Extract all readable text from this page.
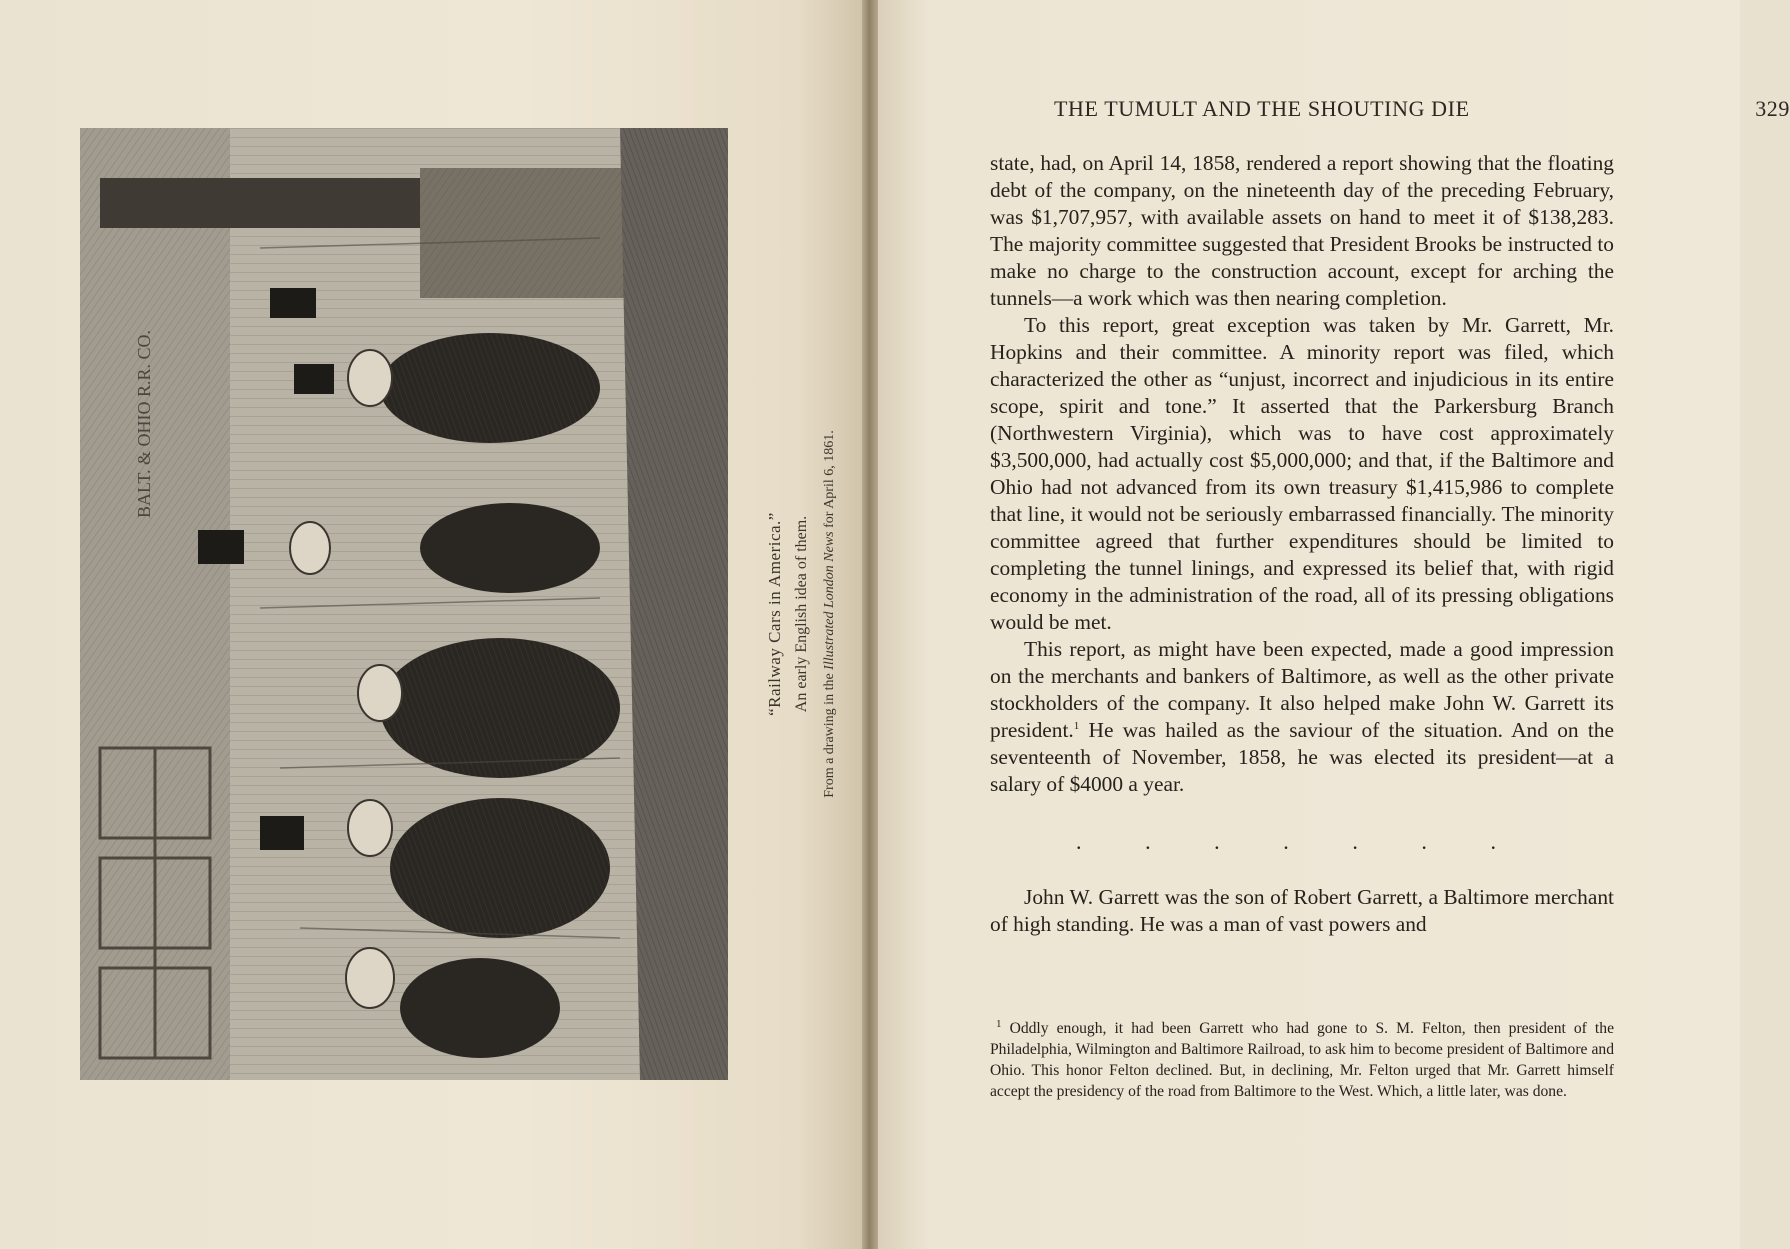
BALT. & OHIO R.R. CO.
“Railway Cars in America.” An early English idea of them.
From a drawing in the Illustrated London News for April 6, 1861.
THE TUMULT AND THE SHOUTING DIE	329

state, had, on April 14, 1858, rendered a report showing that the floating debt of the company, on the nineteenth day of the preceding February, was $1,707,957, with available assets on hand to meet it of $138,283. The majority committee suggested that President Brooks be instructed to make no charge to the construction account, except for arching the tunnels—a work which was then nearing completion.

To this report, great exception was taken by Mr. Garrett, Mr. Hopkins and their committee. A minority report was filed, which characterized the other as “unjust, incorrect and injudicious in its entire scope, spirit and tone.” It asserted that the Parkersburg Branch (Northwestern Virginia), which was to have cost approximately $3,500,000, had actually cost $5,000,000; and that, if the Baltimore and Ohio had not advanced from its own treasury $1,415,986 to complete that line, it would not be seriously embarrassed financially. The minority committee agreed that further expenditures should be limited to completing the tunnel linings, and expressed its belief that, with rigid economy in the administration of the road, all of its pressing obligations would be met.

This report, as might have been expected, made a good impression on the merchants and bankers of Baltimore, as well as the other private stockholders of the company. It also helped make John W. Garrett its president.$^1$ He was hailed as the saviour of the situation. And on the seventeenth of November, 1858, he was elected its president—at a salary of $4000 a year.

.	.	.	.	.	.	.

John W. Garrett was the son of Robert Garrett, a Baltimore merchant of high standing. He was a man of vast powers and

$^1$ Oddly enough, it had been Garrett who had gone to S. M. Felton, then president of the Philadelphia, Wilmington and Baltimore Railroad, to ask him to become president of Baltimore and Ohio. This honor Felton declined. But, in declining, Mr. Felton urged that Mr. Garrett himself accept the presidency of the road from Baltimore to the West. Which, a little later, was done.
